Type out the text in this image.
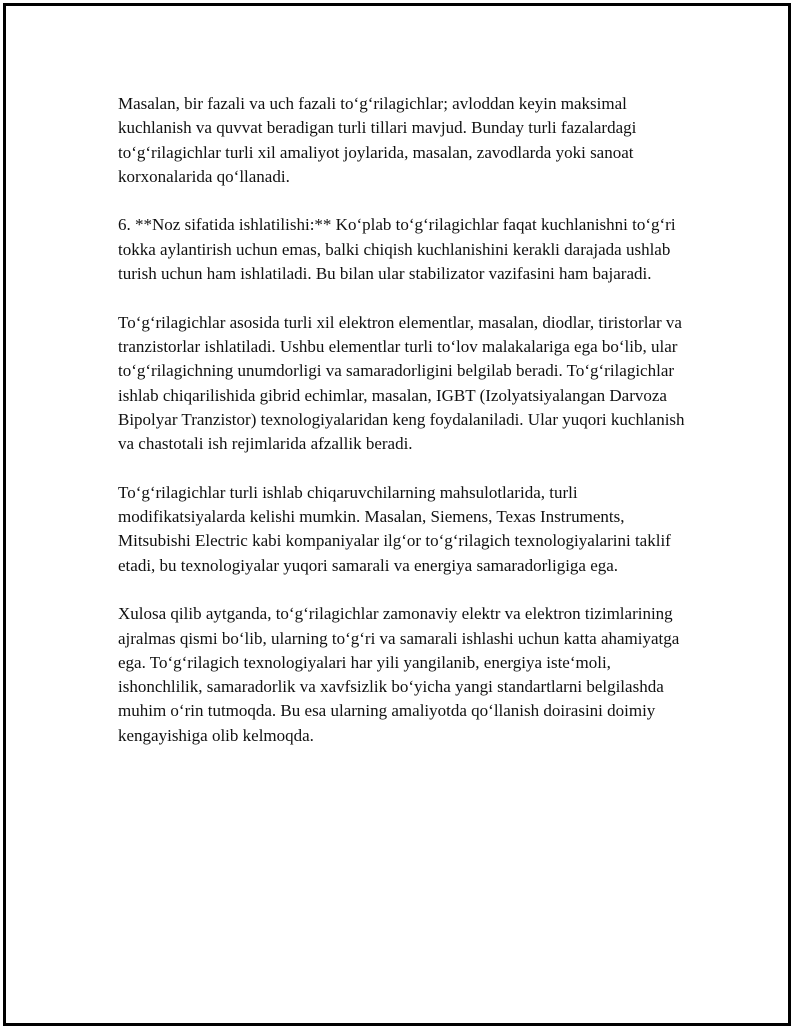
Masalan, bir fazali va uch fazali to‘g‘rilagichlar; avloddan keyin maksimal kuchlanish va quvvat beradigan turli tillari mavjud. Bunday turli fazalardagi to‘g‘rilagichlar turli xil amaliyot joylarida, masalan, zavodlarda yoki sanoat korxonalarida qo‘llanadi.

6. **Noz sifatida ishlatilishi:** Ko‘plab to‘g‘rilagichlar faqat kuchlanishni to‘g‘ri tokka aylantirish uchun emas, balki chiqish kuchlanishini kerakli darajada ushlab turish uchun ham ishlatiladi. Bu bilan ular stabilizator vazifasini ham bajaradi.

To‘g‘rilagichlar asosida turli xil elektron elementlar, masalan, diodlar, tiristorlar va tranzistorlar ishlatiladi. Ushbu elementlar turli to‘lov malakalariga ega bo‘lib, ular to‘g‘rilagichning unumdorligi va samaradorligini belgilab beradi. To‘g‘rilagichlar ishlab chiqarilishida gibrid echimlar, masalan, IGBT (Izolyatsiyalangan Darvoza Bipolyar Tranzistor) texnologiyalaridan keng foydalaniladi. Ular yuqori kuchlanish va chastotali ish rejimlarida afzallik beradi.

To‘g‘rilagichlar turli ishlab chiqaruvchilarning mahsulotlarida, turli modifikatsiyalarda kelishi mumkin. Masalan, Siemens, Texas Instruments, Mitsubishi Electric kabi kompaniyalar ilg‘or to‘g‘rilagich texnologiyalarini taklif etadi, bu texnologiyalar yuqori samarali va energiya samaradorligiga ega.

Xulosa qilib aytganda, to‘g‘rilagichlar zamonaviy elektr va elektron tizimlarining ajralmas qismi bo‘lib, ularning to‘g‘ri va samarali ishlashi uchun katta ahamiyatga ega. To‘g‘rilagich texnologiyalari har yili yangilanib, energiya iste‘moli, ishonchlilik, samaradorlik va xavfsizlik bo‘yicha yangi standartlarni belgilashda muhim o‘rin tutmoqda. Bu esa ularning amaliyotda qo‘llanish doirasini doimiy kengayishiga olib kelmoqda.
